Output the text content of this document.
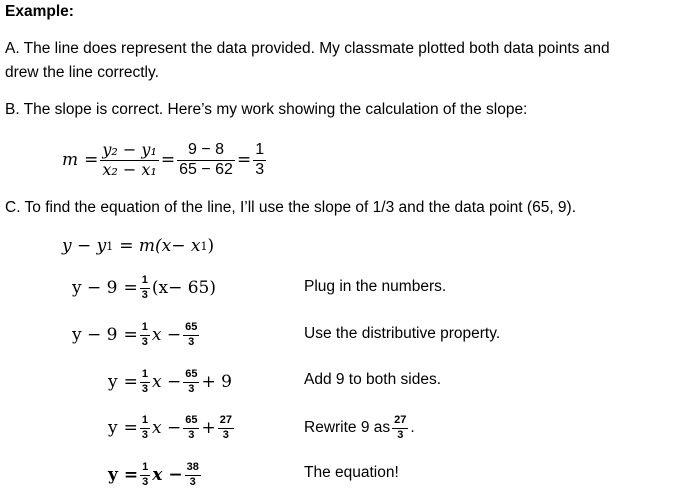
Example:
A. The line does represent the data provided. My classmate plotted both data points and
drew the line correctly.
B. The slope is correct. Here’s my work showing the calculation of the slope:
$m = \frac{\text{y₂ − y₁}}{\text{x₂ − x₁}} = \frac{9 - 8}{65 - 62} = \frac{1}{3}$
C. To find the equation of the line, I’ll use the slope of 1/3 and the data point (65, 9).
y − y 1 = m(x− x 1 )
$y - 9 = \frac{1}{3} (x- 65)$	Plug in the numbers.
$y - 9 = \frac{1}{3}$ $x - \frac{65}{3}$	Use the distributive property.
$y = \frac{1}{3}$ $x - \frac{65}{3} + 9$	Add 9 to both sides.
$y = \frac{1}{3}$ $x - \frac{65}{3} + \frac{27}{3}$	Rewrite 9 as $\frac{27}{3}$ .
$y = \frac{1}{3}$ $x - \frac{38}{3}$	The equation!
